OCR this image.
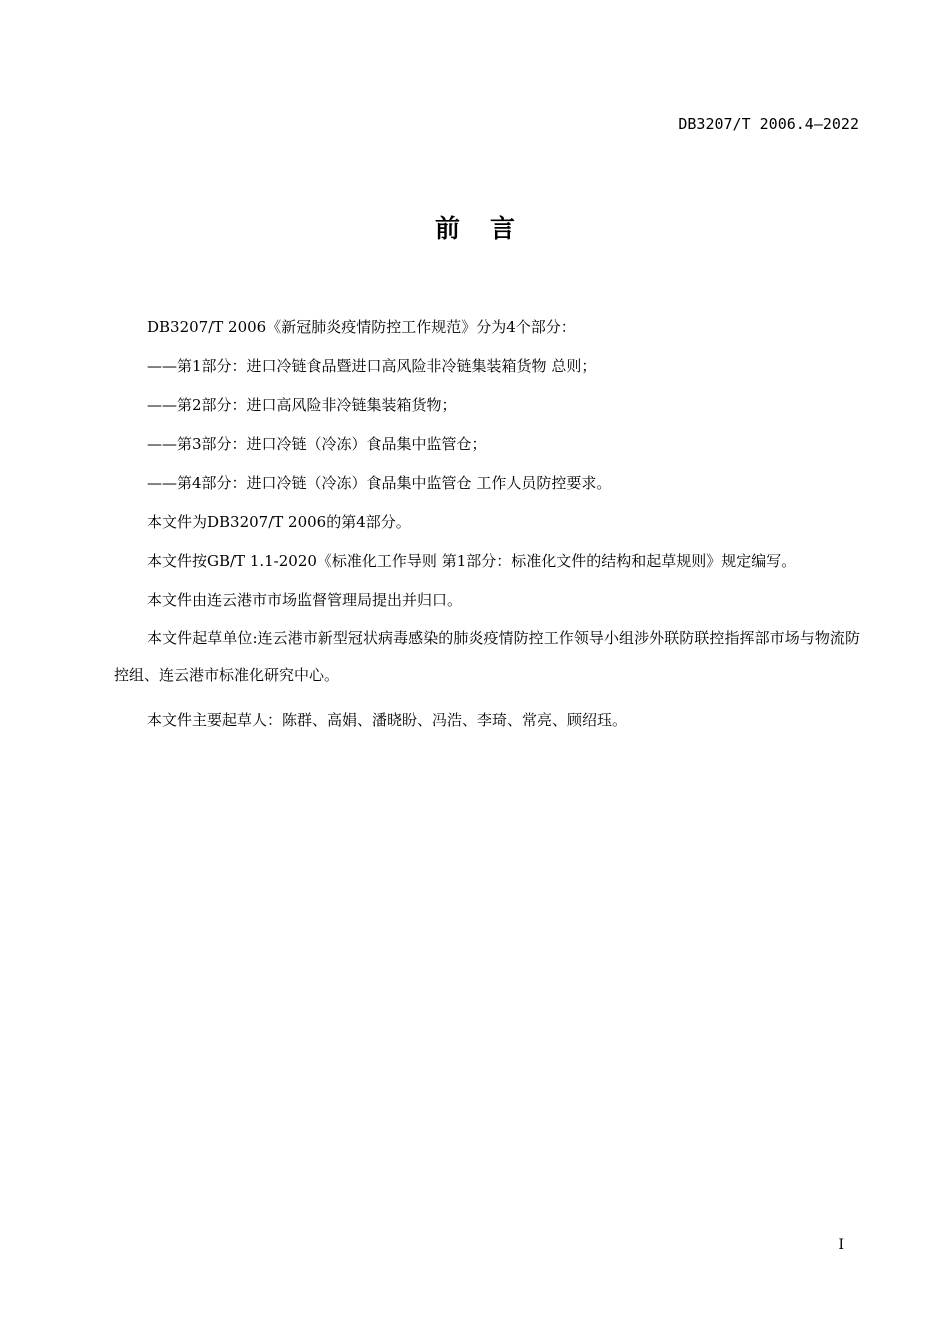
DB3207/T 2006.4—2022
前言

DB3207/T 2006《新冠肺炎疫情防控工作规范》分为4个部分：

——第1部分：进口冷链食品暨进口高风险非冷链集装箱货物 总则；

——第2部分：进口高风险非冷链集装箱货物；

——第3部分：进口冷链（冷冻）食品集中监管仓；

——第4部分：进口冷链（冷冻）食品集中监管仓 工作人员防控要求。

本文件为DB3207/T 2006的第4部分。

本文件按GB/T 1.1-2020《标准化工作导则 第1部分：标准化文件的结构和起草规则》规定编写。

本文件由连云港市市场监督管理局提出并归口。

本文件起草单位:连云港市新型冠状病毒感染的肺炎疫情防控工作领导小组涉外联防联控指挥部市场与物流防控组、连云港市标准化研究中心。

本文件主要起草人：陈群、高娟、潘晓盼、冯浩、李琦、常亮、顾绍珏。

I
